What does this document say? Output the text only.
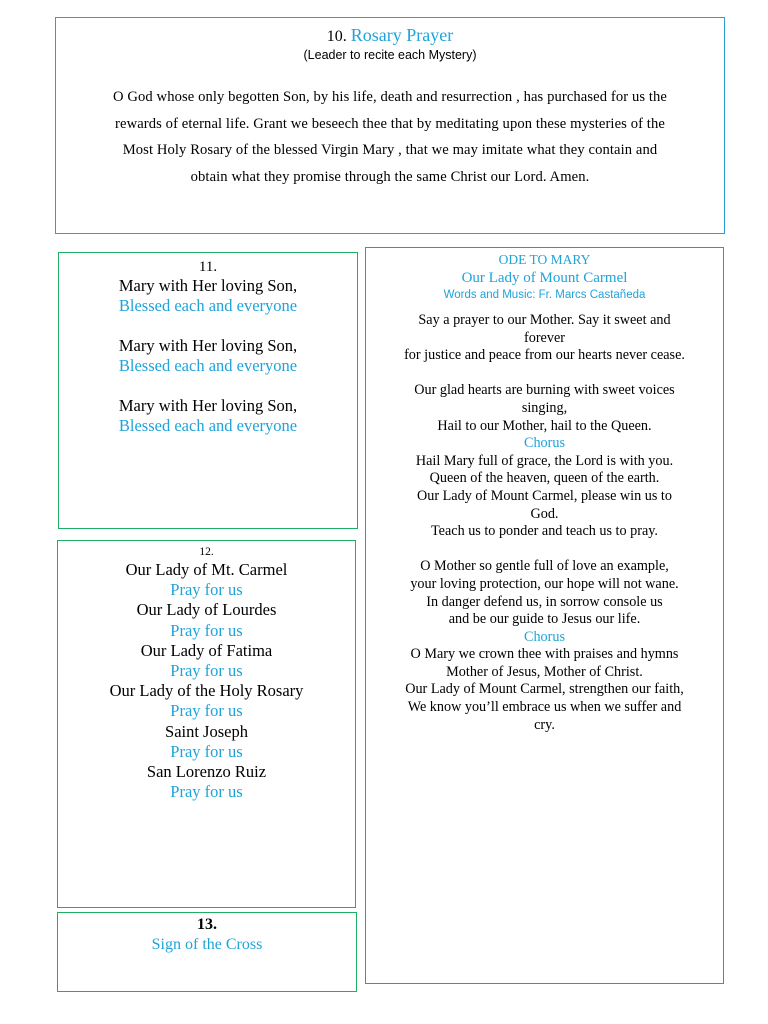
10. Rosary Prayer
(Leader to recite each Mystery)
O God whose only begotten Son, by his life, death and resurrection , has purchased for us the
rewards of eternal life. Grant we beseech thee that by meditating upon these mysteries of the
Most Holy Rosary of the blessed Virgin Mary , that we may imitate what they contain and
obtain what they promise through the same Christ our Lord. Amen.
11.
Mary with Her loving Son,
Blessed each and everyone
Mary with Her loving Son,
Blessed each and everyone
Mary with Her loving Son,
Blessed each and everyone
12.
Our Lady of Mt. Carmel
Pray for us
Our Lady of Lourdes
Pray for us
Our Lady of Fatima
Pray for us
Our Lady of the Holy Rosary
Pray for us
Saint Joseph
Pray for us
San Lorenzo Ruiz
Pray for us
13.
Sign of the Cross
ODE TO MARY
Our Lady of Mount Carmel
Words and Music: Fr. Marcs Castañeda
Say a prayer to our Mother. Say it sweet and
forever
for justice and peace from our hearts never cease.
Our glad hearts are burning with sweet voices
singing,
Hail to our Mother, hail to the Queen.
Chorus
Hail Mary full of grace, the Lord is with you.
Queen of the heaven, queen of the earth.
Our Lady of Mount Carmel, please win us to
God.
Teach us to ponder and teach us to pray.
O Mother so gentle full of love an example,
your loving protection, our hope will not wane.
In danger defend us, in sorrow console us
and be our guide to Jesus our life.
Chorus
O Mary we crown thee with praises and hymns
Mother of Jesus, Mother of Christ.
Our Lady of Mount Carmel, strengthen our faith,
We know you’ll embrace us when we suffer and
cry.
